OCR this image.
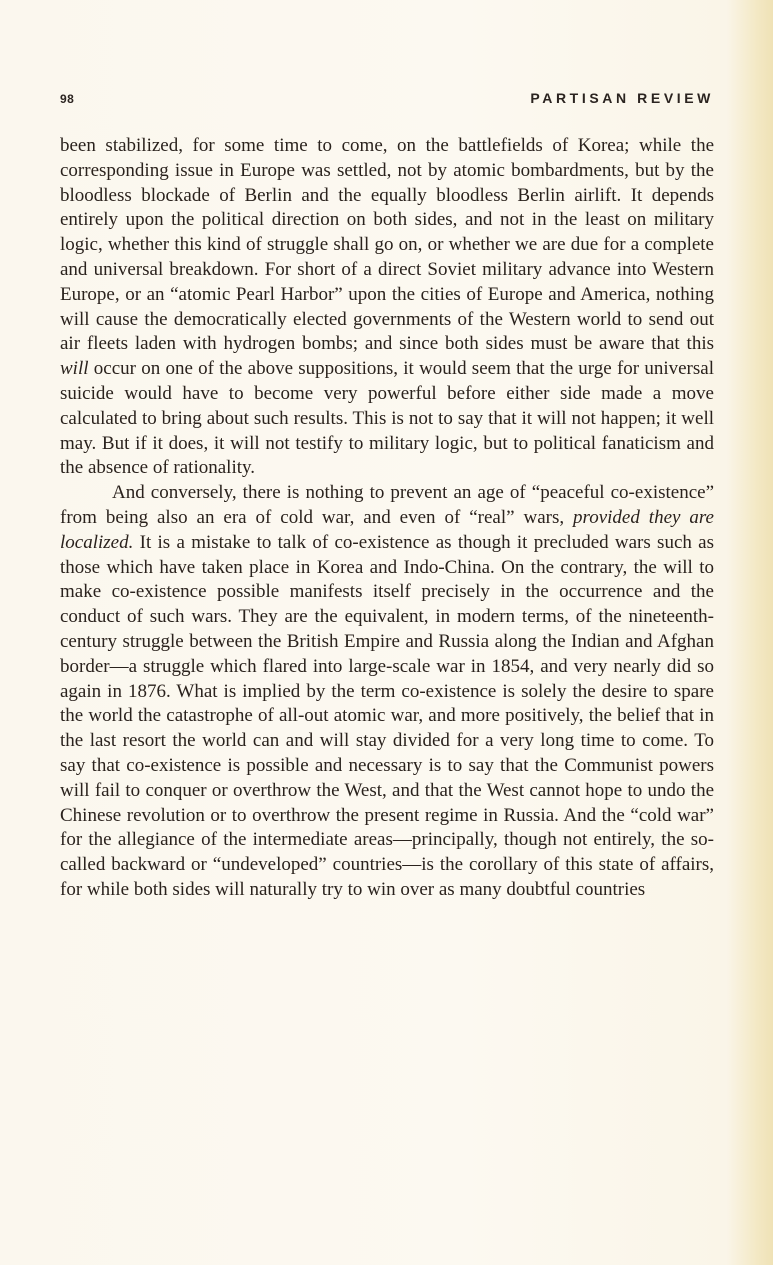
98	PARTISAN REVIEW

been stabilized, for some time to come, on the battlefields of Korea; while the corresponding issue in Europe was settled, not by atomic bombardments, but by the bloodless blockade of Berlin and the equally bloodless Berlin airlift. It depends entirely upon the political direction on both sides, and not in the least on military logic, whether this kind of struggle shall go on, or whether we are due for a complete and universal breakdown. For short of a direct Soviet military advance into Western Europe, or an “atomic Pearl Harbor” upon the cities of Europe and America, nothing will cause the democratically elected governments of the Western world to send out air fleets laden with hydrogen bombs; and since both sides must be aware that this will occur on one of the above suppositions, it would seem that the urge for universal suicide would have to become very powerful before either side made a move calculated to bring about such results. This is not to say that it will not happen; it well may. But if it does, it will not testify to military logic, but to political fanaticism and the absence of rationality.

And conversely, there is nothing to prevent an age of “peaceful co-existence” from being also an era of cold war, and even of “real” wars, provided they are localized. It is a mistake to talk of co-existence as though it precluded wars such as those which have taken place in Korea and Indo-China. On the contrary, the will to make co-existence possible manifests itself precisely in the occurrence and the conduct of such wars. They are the equivalent, in modern terms, of the nineteenth-century struggle between the British Empire and Russia along the Indian and Afghan border—a struggle which flared into large-scale war in 1854, and very nearly did so again in 1876. What is implied by the term co-existence is solely the desire to spare the world the catastrophe of all-out atomic war, and more positively, the belief that in the last resort the world can and will stay divided for a very long time to come. To say that co-existence is possible and necessary is to say that the Communist powers will fail to conquer or overthrow the West, and that the West cannot hope to undo the Chinese revolution or to overthrow the present regime in Russia. And the “cold war” for the allegiance of the intermediate areas—principally, though not entirely, the so-called backward or “undeveloped” countries—is the corollary of this state of affairs, for while both sides will naturally try to win over as many doubtful countries
